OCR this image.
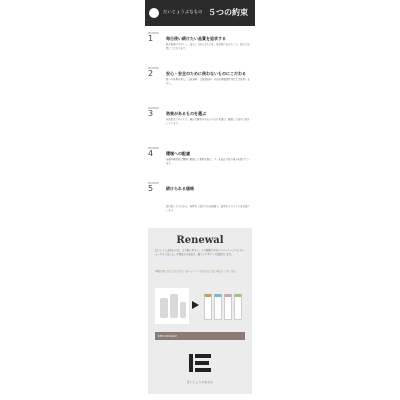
だいじょうぶなもの ５つの約束
PROMISE
1	毎日使い続けたい品質を追求する
肌や地球にやさしく、安心して使えるものを。毎日続けるからこそ、成分と品質にこだわります。
PROMISE
2	安心・安全のために使わないものにこだわる
肌への負担を考え、合成香料・合成着色料・石油系界面活性剤などは使用しません。
PROMISE
3	効果があるものを選ぶ
自然由来であっても、確かな働きがあるものだけを選び、厳選した成分で処方しています。
PROMISE
4	環境への配慮
容器や梱包材は環境に配慮した素材を選び、ゴミを減らす取り組みを続けています。
PROMISE
5	続けられる価格
毎日使うものだから、無理なく続けられる価格で。誠実なものづくりをお届けします。
Renewal
だいじょうぶなもの は、より使いやすく、より地球にやさしいパッケージへとリニューアルしました。中身はそのままに、新しいデザインでお届けします。
※順次切り替えとなります。旧パッケージがお手元に届く場合もございます。
NEW PACKAGE
だいじょうぶなもの
